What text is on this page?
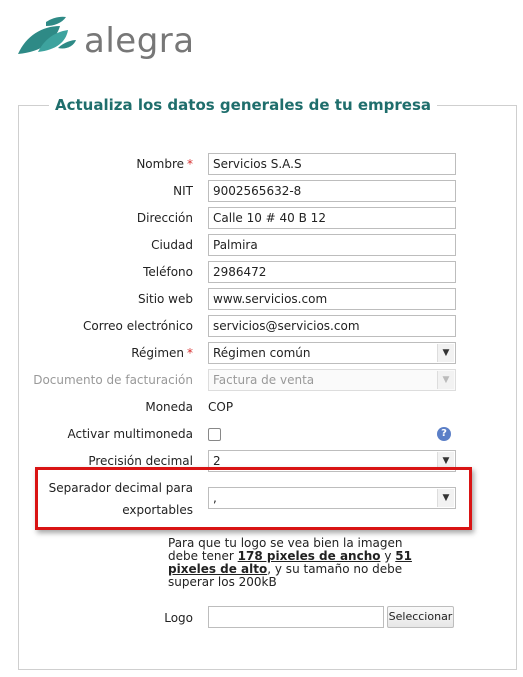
alegra
Actualiza los datos generales de tu empresa
Nombre *	Servicios S.A.S
NIT	9002565632-8
Dirección	Calle 10 # 40 B 12
Ciudad	Palmira
Teléfono	2986472
Sitio web	www.servicios.com
Correo electrónico	servicios@servicios.com
Régimen *	Régimen común	▼
Documento de facturación	Factura de venta	▼
Moneda COP
Activar multimoneda	?
Precisión decimal	2	▼
Separador decimal para
exportables
,	▼
Para que tu logo se vea bien la imagen debe tener 178 pixeles de ancho y 51 pixeles de alto, y su tamaño no debe superar los 200kB
Logo	Seleccionar
